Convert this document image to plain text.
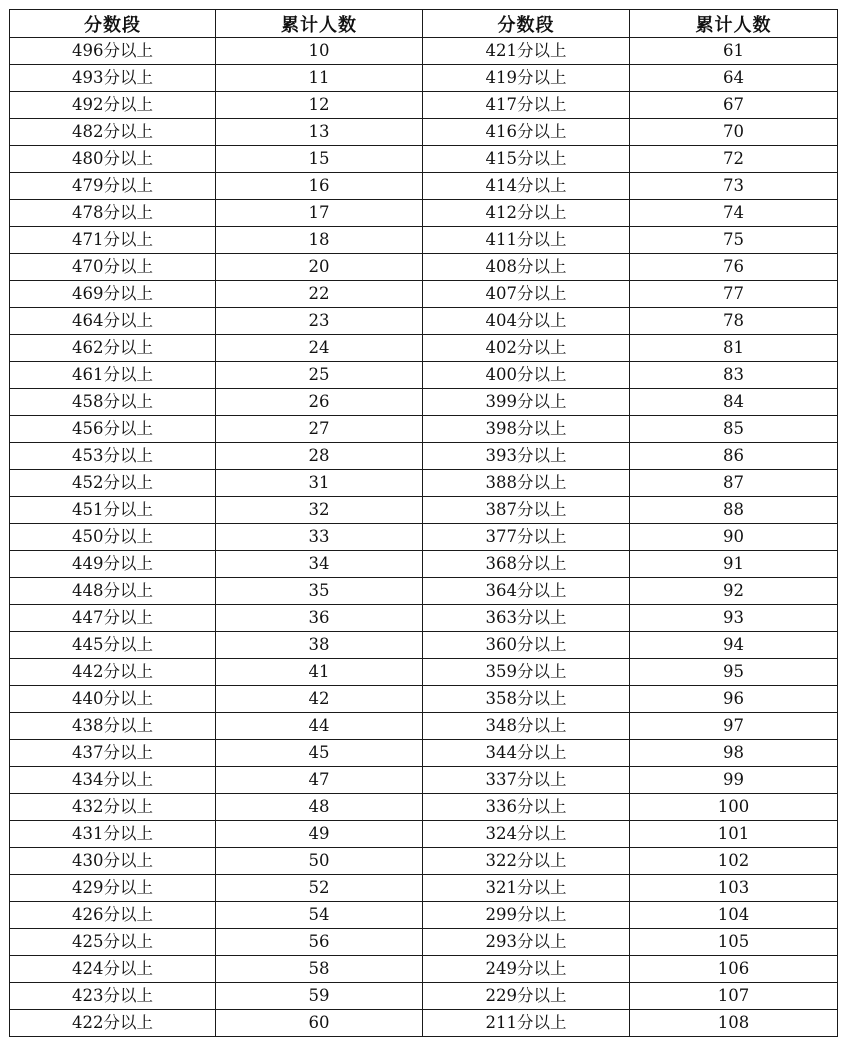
分数段	累计人数	分数段	累计人数
496分以上	10	421分以上	61
493分以上	11	419分以上	64
492分以上	12	417分以上	67
482分以上	13	416分以上	70
480分以上	15	415分以上	72
479分以上	16	414分以上	73
478分以上	17	412分以上	74
471分以上	18	411分以上	75
470分以上	20	408分以上	76
469分以上	22	407分以上	77
464分以上	23	404分以上	78
462分以上	24	402分以上	81
461分以上	25	400分以上	83
458分以上	26	399分以上	84
456分以上	27	398分以上	85
453分以上	28	393分以上	86
452分以上	31	388分以上	87
451分以上	32	387分以上	88
450分以上	33	377分以上	90
449分以上	34	368分以上	91
448分以上	35	364分以上	92
447分以上	36	363分以上	93
445分以上	38	360分以上	94
442分以上	41	359分以上	95
440分以上	42	358分以上	96
438分以上	44	348分以上	97
437分以上	45	344分以上	98
434分以上	47	337分以上	99
432分以上	48	336分以上	100
431分以上	49	324分以上	101
430分以上	50	322分以上	102
429分以上	52	321分以上	103
426分以上	54	299分以上	104
425分以上	56	293分以上	105
424分以上	58	249分以上	106
423分以上	59	229分以上	107
422分以上	60	211分以上	108
